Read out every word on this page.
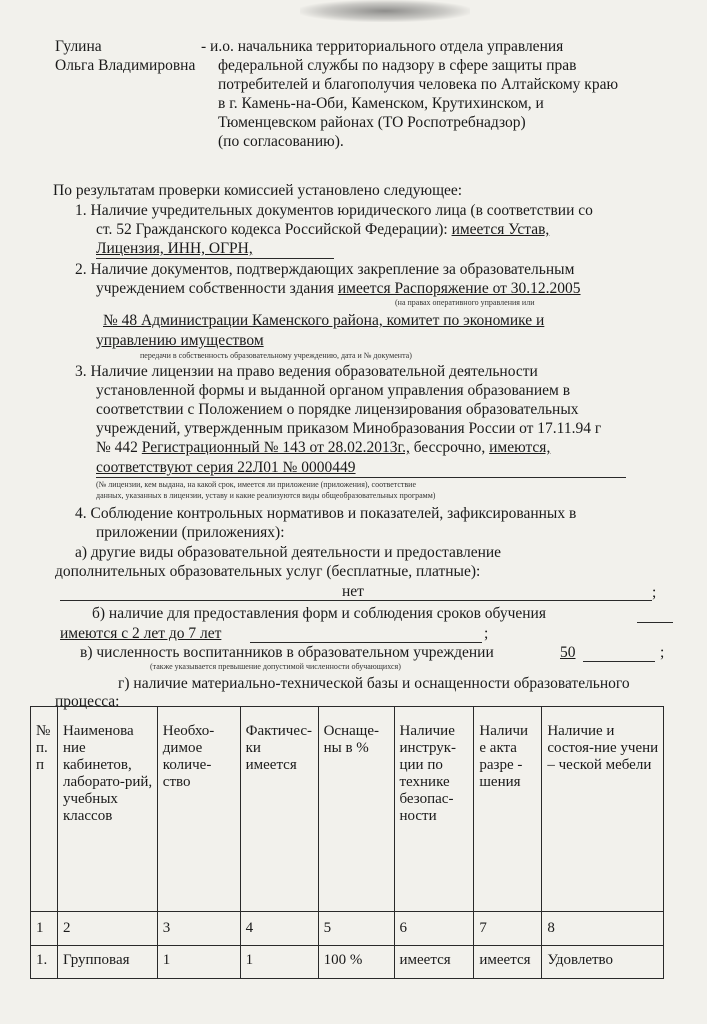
Гулина
Ольга Владимировна
- и.о. начальника территориального отдела управления
федеральной службы по надзору в сфере защиты прав
потребителей и благополучия человека по Алтайскому краю
в г. Камень-на-Оби, Каменском, Крутихинском, и
Тюменцевском районах (ТО Роспотребнадзор)
(по согласованию).
По результатам проверки комиссией установлено следующее:
1. Наличие учредительных документов юридического лица (в соответствии со
ст. 52 Гражданского кодекса Российской Федерации): имеется Устав,
Лицензия, ИНН, ОГРН,
2. Наличие документов, подтверждающих закрепление за образовательным
учреждением собственности здания имеется Распоряжение от 30.12.2005
(на правах оперативного управления или
№ 48 Администрации Каменского района, комитет по экономике и
управлению имуществом
передачи в собственность образовательному учреждению, дата и № документа)
3. Наличие лицензии на право ведения образовательной деятельности
установленной формы и выданной органом управления образованием в
соответствии с Положением о порядке лицензирования образовательных
учреждений, утвержденным приказом Минобразования России от 17.11.94 г
№ 442 Регистрационный № 143 от 28.02.2013г., бессрочно, имеются,
соответствуют серия 22Л01 № 0000449
(№ лицензии, кем выдана, на какой срок, имеется ли приложение (приложения), соответствие
данных, указанных в лицензии, уставу и какие реализуются виды общеобразовательных программ)
4. Соблюдение контрольных нормативов и показателей, зафиксированных в
приложении (приложениях):
а) другие виды образовательной деятельности и предоставление
дополнительных образовательных услуг (бесплатные, платные):
нет	;
б) наличие для предоставления форм и соблюдения сроков обучения
имеются с 2 лет до 7 лет	;
в) численность воспитанников в образовательном учреждении	50	;
(также указывается превышение допустимой численности обучающихся)
г) наличие материально-технической базы и оснащенности образовательного
процесса:
№ п. п	Наименова ние кабинетов, лаборато-рий, учебных классов	Необхо-димое количе-ство	Фактичес-ки имеется	Оснаще-ны в %	Наличие инструк-ции по технике безопас-ности	Наличи е акта разре - шения	Наличие и состоя-ние учени – ческой мебели
1	2	3	4	5	6	7	8
1.	Групповая	1	1	100 %	имеется	имеется	Удовлетво
